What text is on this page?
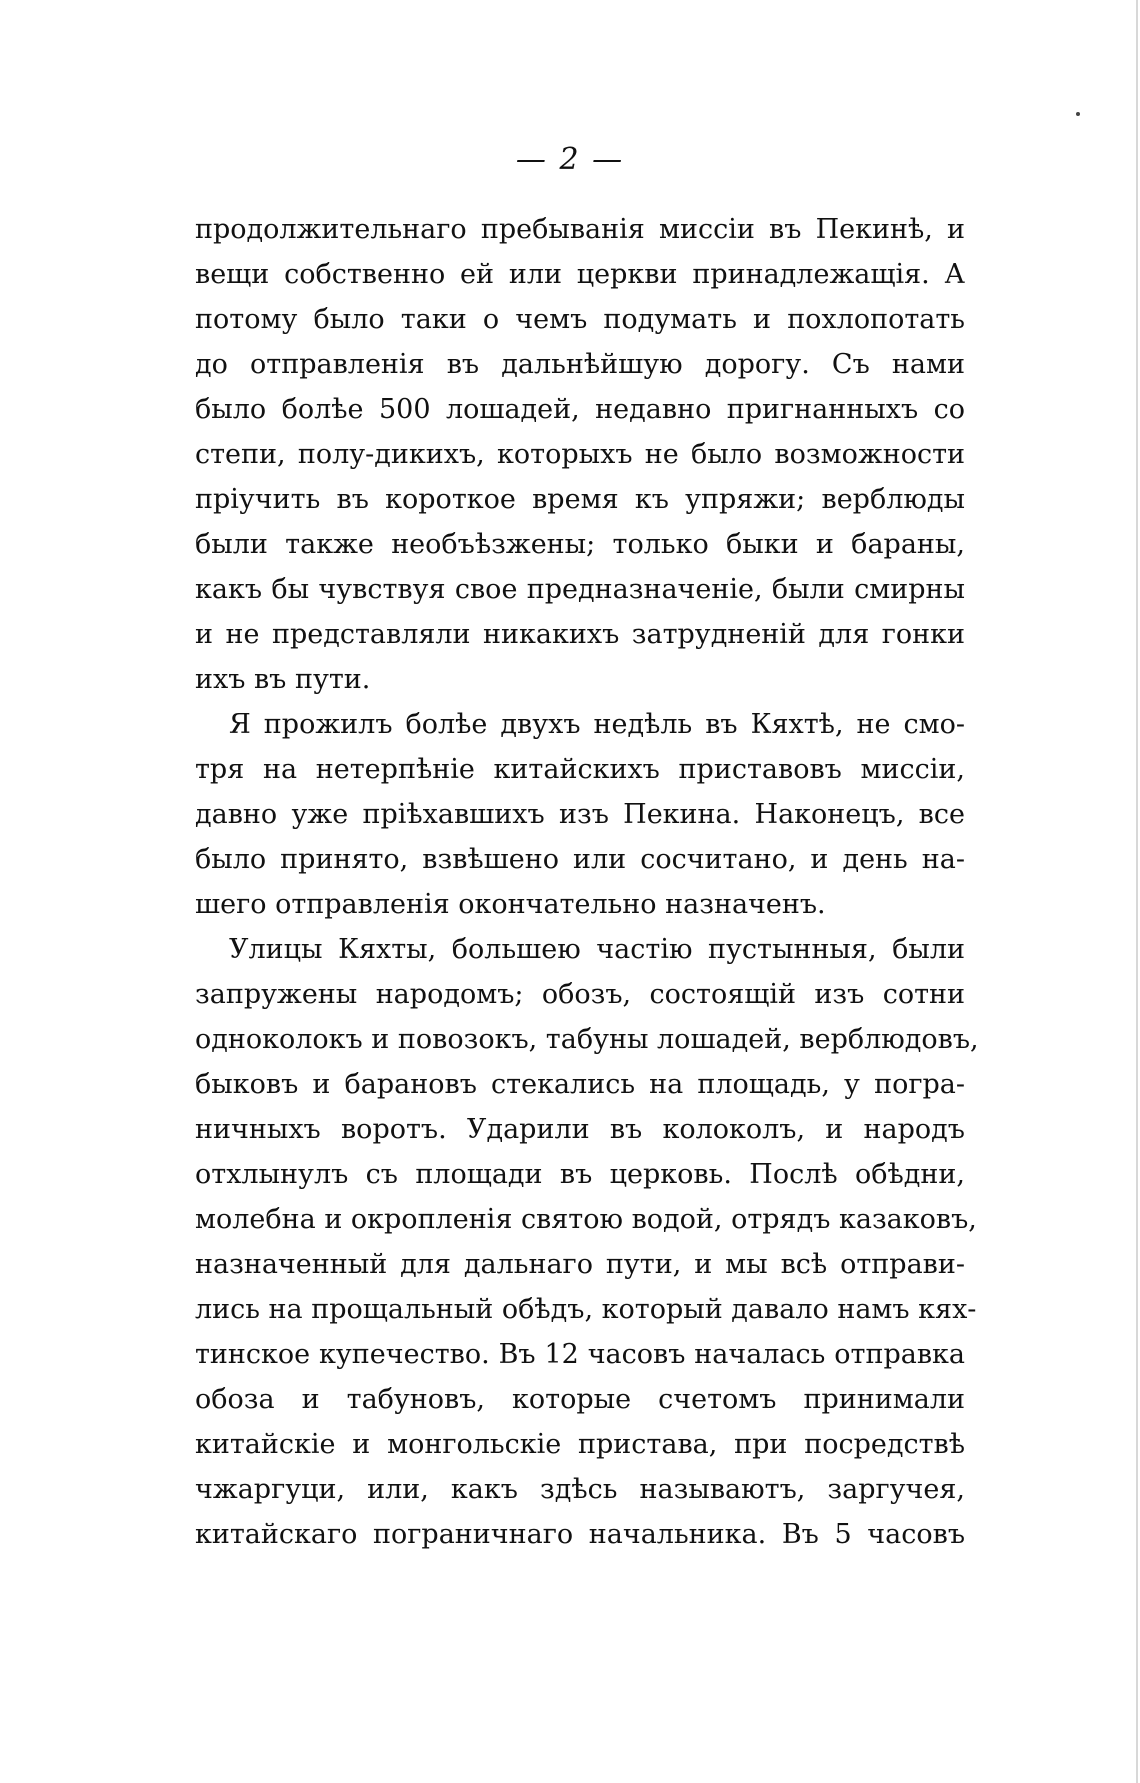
— 2 —
продолжительнаго пребыванія миссіи въ Пекинѣ, и
вещи собственно ей или церкви принадлежащія. А
потому было таки о чемъ подумать и похлопотать
до отправленія въ дальнѣйшую дорогу. Съ нами
было болѣе 500 лошадей, недавно пригнанныхъ со
степи, полу-дикихъ, которыхъ не было возможности
пріучить въ короткое время къ упряжи; верблюды
были также необъѣзжены; только быки и бараны,
какъ бы чувствуя свое предназначеніе, были смирны
и не представляли никакихъ затрудненій для гонки
ихъ въ пути.
Я прожилъ болѣе двухъ недѣль въ Кяхтѣ, не смо-
тря на нетерпѣніе китайскихъ приставовъ миссіи,
давно уже пріѣхавшихъ изъ Пекина. Наконецъ, все
было принято, взвѣшено или сосчитано, и день на-
шего отправленія окончательно назначенъ.
Улицы Кяхты, большею частію пустынныя, были
запружены народомъ; обозъ, состоящій изъ сотни
одноколокъ и повозокъ, табуны лошадей, верблюдовъ,
быковъ и барановъ стекались на площадь, у погра-
ничныхъ воротъ. Ударили въ колоколъ, и народъ
отхлынулъ съ площади въ церковь. Послѣ обѣдни,
молебна и окропленія святою водой, отрядъ казаковъ,
назначенный для дальнаго пути, и мы всѣ отправи-
лись на прощальный обѣдъ, который давало намъ кях-
тинское купечество. Въ 12 часовъ началась отправка
обоза и табуновъ, которые счетомъ принимали
китайскіе и монгольскіе пристава, при посредствѣ
чжаргуци, или, какъ здѣсь называютъ, заргучея,
китайскаго пограничнаго начальника. Въ 5 часовъ
